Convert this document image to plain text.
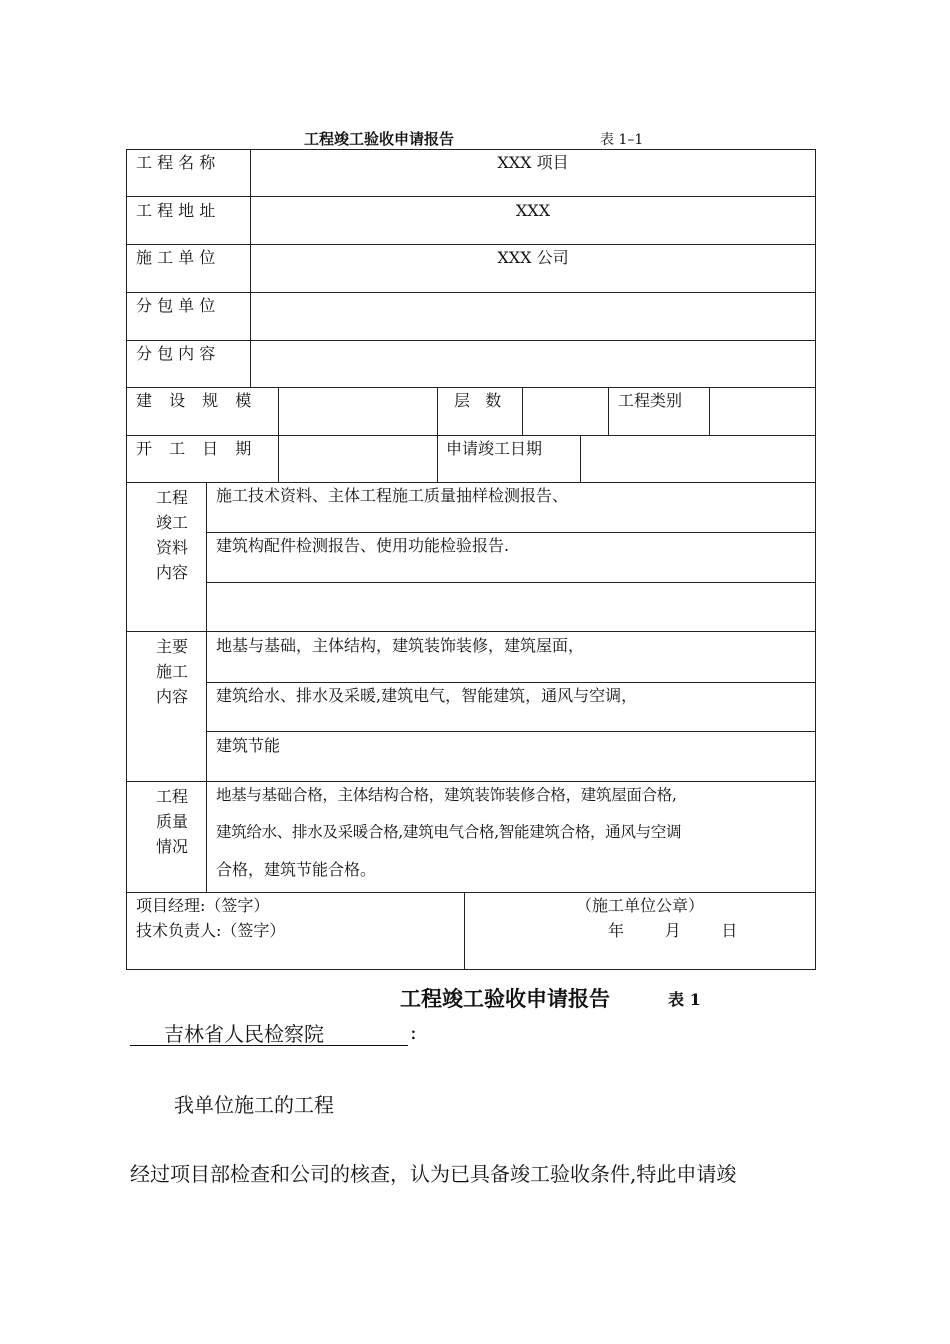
工程竣工验收申请报告	表 1–1
工 程 名 称	XXX 项目
工 程 地 址	XXX
施 工 单 位	XXX 公司
分 包 单 位
分 包 内 容
建 设 规 模	层   数	工程类别
开 工 日 期	申请竣工日期
工程
竣工
资料
内容
施工技术资料、主体工程施工质量抽样检测报告、
建筑构配件检测报告、使用功能检验报告.
主要
施工
内容
地基与基础，主体结构，建筑装饰装修，建筑屋面，
建筑给水、排水及采暖,建筑电气，智能建筑，通风与空调，
建筑节能
工程
质量
情况
地基与基础合格，主体结构合格，建筑装饰装修合格，建筑屋面合格,
建筑给水、排水及采暖合格,建筑电气合格,智能建筑合格，通风与空调
合格，建筑节能合格。
项目经理:（签字）
技术负责人:（签字）
（施工单位公章）
年        月        日
工程竣工验收申请报告	表 1
吉林省人民检察院	:
我单位施工的工程
经过项目部检查和公司的核查，认为已具备竣工验收条件,特此申请竣
